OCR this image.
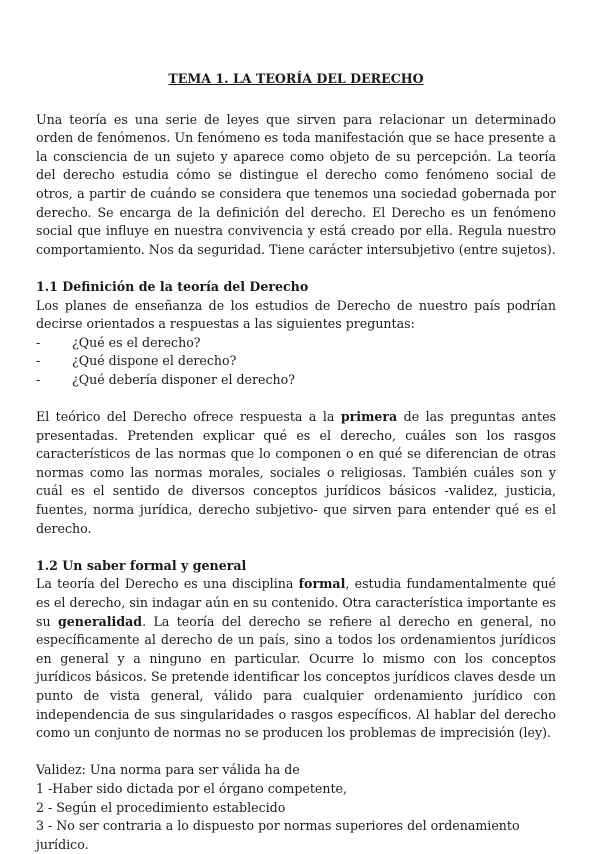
TEMA 1. LA TEORÍA DEL DERECHO

Una teoría es una serie de leyes que sirven para relacionar un determinado orden de fenómenos. Un fenómeno es toda manifestación que se hace presente a la consciencia de un sujeto y aparece como objeto de su percepción. La teoría del derecho estudia cómo se distingue el derecho como fenómeno social de otros, a partir de cuándo se considera que tenemos una sociedad gobernada por derecho. Se encarga de la definición del derecho. El Derecho es un fenómeno social que influye en nuestra convivencia y está creado por ella. Regula nuestro comportamiento. Nos da seguridad. Tiene carácter intersubjetivo (entre sujetos).

1.1 Definición de la teoría del Derecho

Los planes de enseñanza de los estudios de Derecho de nuestro país podrían decirse orientados a respuestas a las siguientes preguntas:

-	¿Qué es el derecho?
-	¿Qué dispone el derecho?
-	¿Qué debería disponer el derecho?

El teórico del Derecho ofrece respuesta a la primera de las preguntas antes presentadas. Pretenden explicar qué es el derecho, cuáles son los rasgos característicos de las normas que lo componen o en qué se diferencian de otras normas como las normas morales, sociales o religiosas. También cuáles son y cuál es el sentido de diversos conceptos jurídicos básicos -validez, justicia, fuentes, norma jurídica, derecho subjetivo- que sirven para entender qué es el derecho.

1.2 Un saber formal y general

La teoría del Derecho es una disciplina formal, estudia fundamentalmente qué es el derecho, sin indagar aún en su contenido. Otra característica importante es su generalidad. La teoría del derecho se refiere al derecho en general, no específicamente al derecho de un país, sino a todos los ordenamientos jurídicos en general y a ninguno en particular. Ocurre lo mismo con los conceptos jurídicos básicos. Se pretende identificar los conceptos jurídicos claves desde un punto de vista general, válido para cualquier ordenamiento jurídico con independencia de sus singularidades o rasgos específicos. Al hablar del derecho como un conjunto de normas no se producen los problemas de imprecisión (ley).

Validez: Una norma para ser válida ha de

1 -Haber sido dictada por el órgano competente,

2 - Según el procedimiento establecido

3 - No ser contraria a lo dispuesto por normas superiores del ordenamiento jurídico.
